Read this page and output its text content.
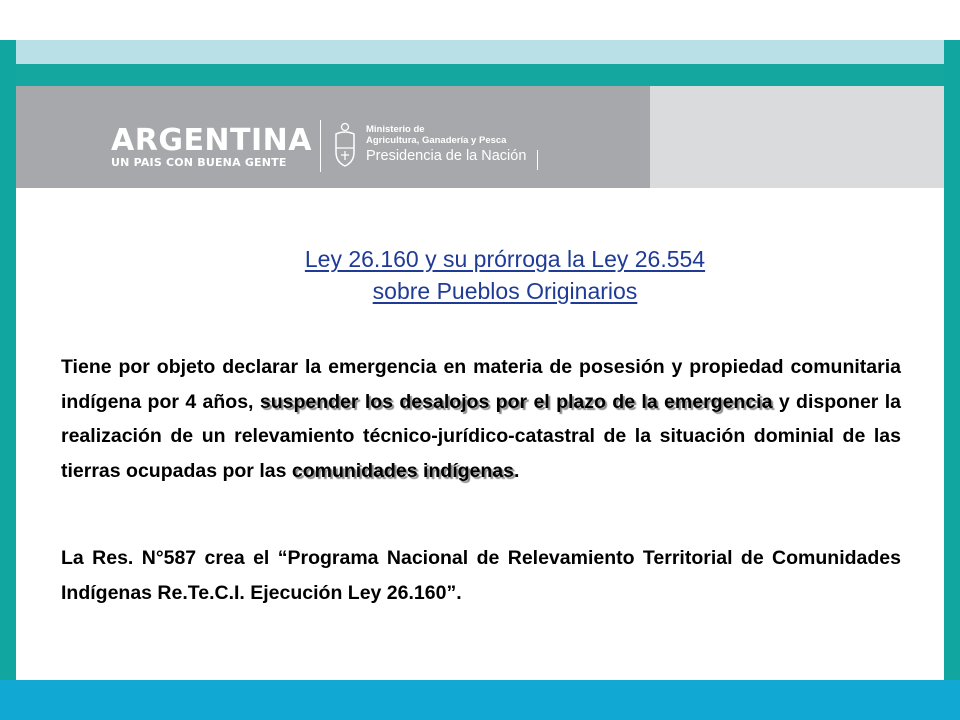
ARGENTINA
UN PAIS CON BUENA GENTE
Ministerio de
Agricultura, Ganadería y Pesca
Presidencia de la Nación
Ley 26.160 y su prórroga la Ley 26.554
sobre Pueblos Originarios
Tiene por objeto declarar la emergencia en materia de posesión y propiedad comunitaria indígena por 4 años, suspender los desalojos por el plazo de la emergencia y disponer la realización de un relevamiento técnico-jurídico-catastral de la situación dominial de las tierras ocupadas por las comunidades indígenas.
La Res. N°587 crea el “Programa Nacional de Relevamiento Territorial de Comunidades Indígenas Re.Te.C.I. Ejecución Ley 26.160”.
